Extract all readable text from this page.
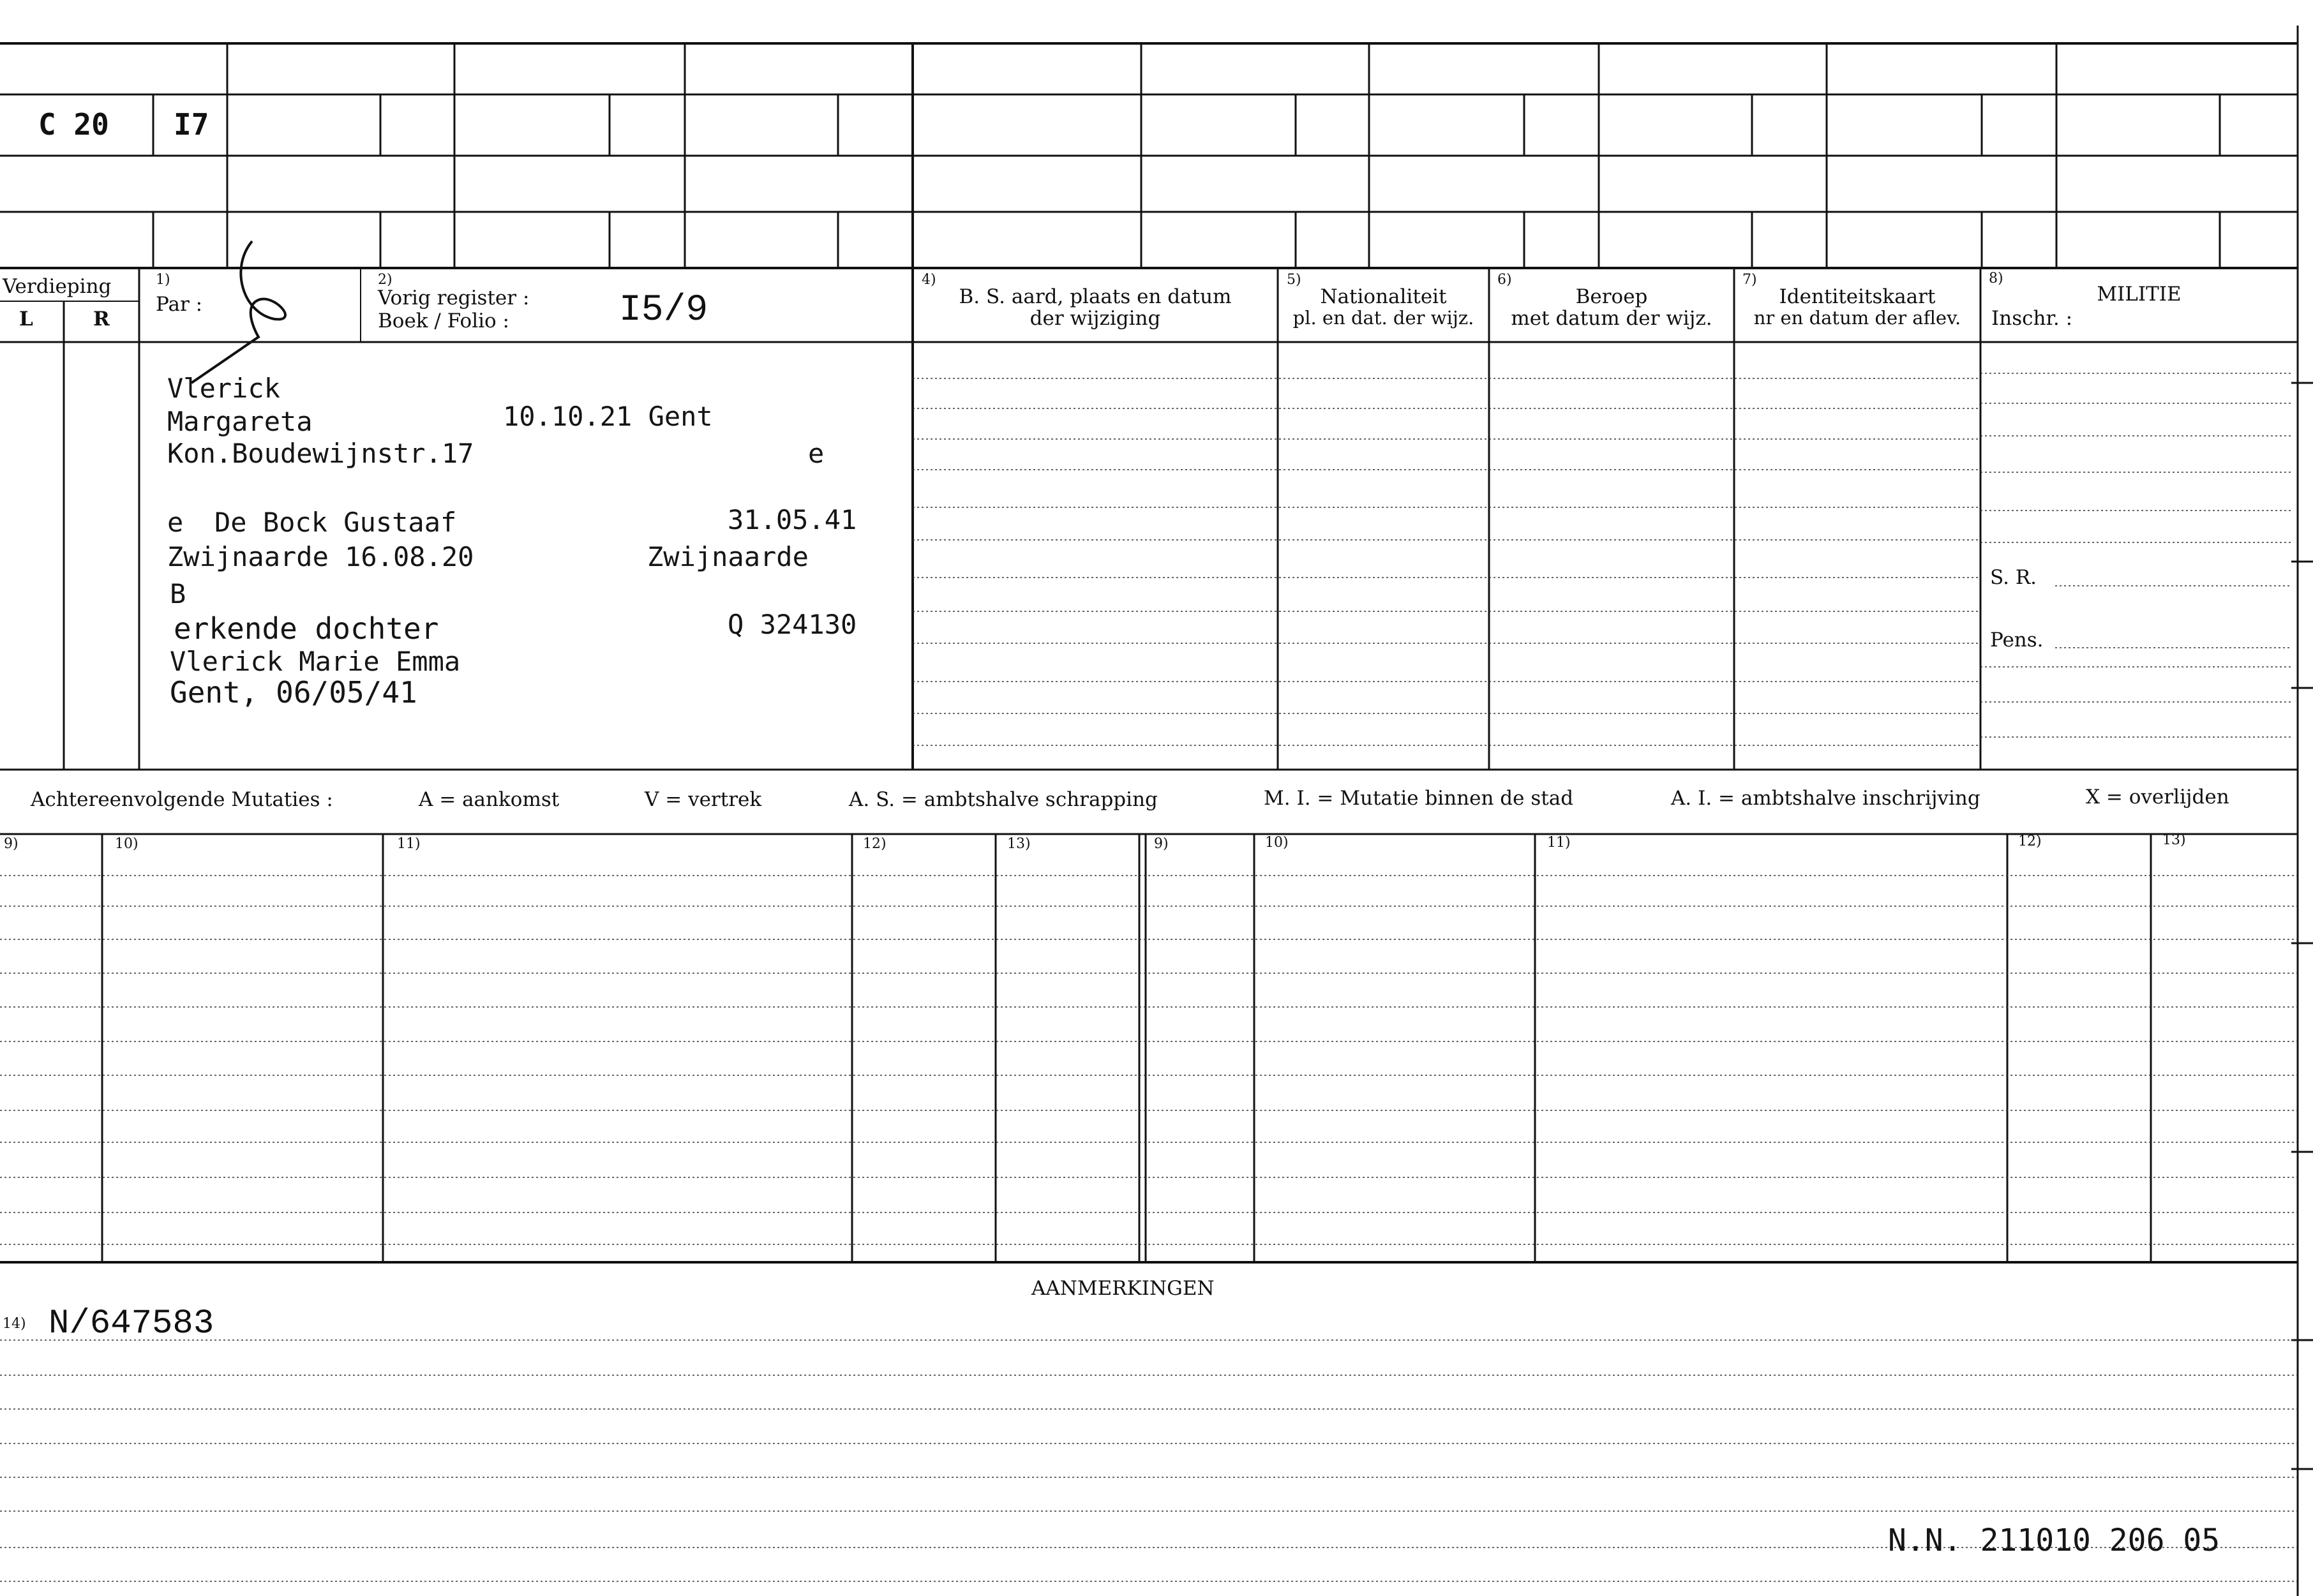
C 20 I7
Verdieping
L	R
1)
Par :
2)
Vorig register :
Boek / Folio :	I5/9
4)
B. S. aard, plaats en datum
der wijziging
5)
Nationaliteit
pl. en dat. der wijz.
6)
Beroep
met datum der wijz.
7)
Identiteitskaart
nr en datum der aflev.
8)
MILITIE
Inschr. :
S. R.
Pens.
Vlerick
Margareta	10.10.21 Gent
Kon.Boudewijnstr.17	e
e De Bock Gustaaf	31.05.41
Zwijnaarde 16.08.20	Zwijnaarde
B
erkende dochter	Q 324130
Vlerick Marie Emma
Gent, 06/05/41
Achtereenvolgende Mutaties :	A = aankomst	V = vertrek	A. S. = ambtshalve schrapping	M. I. = Mutatie binnen de stad	A. I. = ambtshalve inschrijving	X = overlijden
9)	10)	11)	12)	13)	9)	10)	11)	12)	13)
AANMERKINGEN
14) N/647583
N.N. 211010 206 05
